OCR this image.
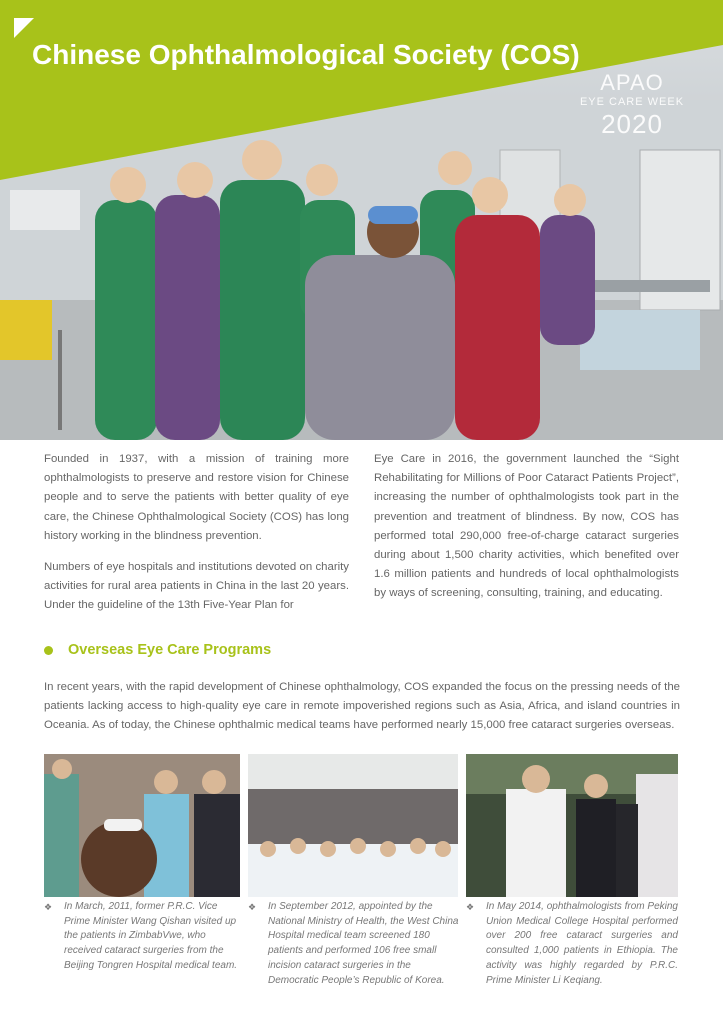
Chinese Ophthalmological Society (COS)
APAO
EYE CARE WEEK
2020

Founded in 1937, with a mission of training more ophthalmologists to preserve and restore vision for Chinese people and to serve the patients with better quality of eye care, the Chinese Ophthalmological Society (COS) has long history working in the blindness prevention.

Numbers of eye hospitals and institutions devoted on charity activities for rural area patients in China in the last 20 years. Under the guideline of the 13th Five-Year Plan for

Eye Care in 2016, the government launched the “Sight Rehabilitating for Millions of Poor Cataract Patients Project”, increasing the number of ophthalmologists took part in the prevention and treatment of blindness. By now, COS has performed total 290,000 free-of-charge cataract surgeries during about 1,500 charity activities, which benefited over 1.6 million patients and hundreds of local ophthalmologists by ways of screening, consulting, training, and educating.

Overseas Eye Care Programs
In recent years, with the rapid development of Chinese ophthalmology, COS expanded the focus on the pressing needs of the patients lacking access to high-quality eye care in remote impoverished regions such as Asia, Africa, and island countries in Oceania. As of today, the Chinese ophthalmic medical teams have performed nearly 15,000 free cataract surgeries overseas.
❖ In March, 2011, former P.R.C. Vice Prime Minister Wang Qishan visited up the patients in ZimbabVwe, who received cataract surgeries from the Beijing Tongren Hospital medical team.
❖ In September 2012, appointed by the National Ministry of Health, the West China Hospital medical team screened 180 patients and performed 106 free small incision cataract surgeries in the Democratic People’s Republic of Korea.
❖ In May 2014, ophthalmologists from Peking Union Medical College Hospital performed over 200 free cataract surgeries and consulted 1,000 patients in Ethiopia. The activity was highly regarded by P.R.C. Prime Minister Li Keqiang.
